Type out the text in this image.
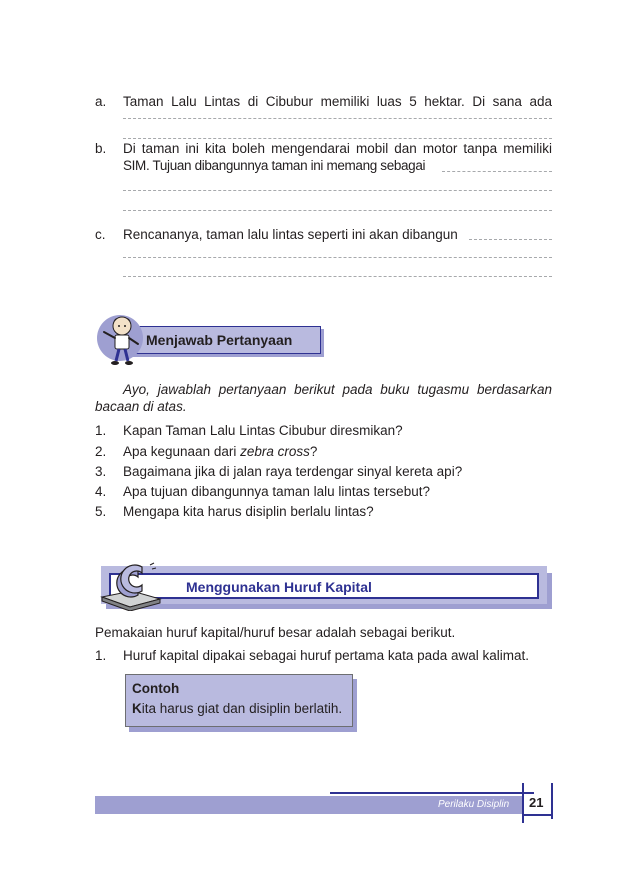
a. Taman Lalu Lintas di Cibubur memiliki luas 5 hektar. Di sana ada
b. Di taman ini kita boleh mengendarai mobil dan motor tanpa memiliki
SIM. Tujuan dibangunnya taman ini memang sebagai
c. Rencananya, taman lalu lintas seperti ini akan dibangun
Menjawab Pertanyaan
Ayo, jawablah pertanyaan berikut pada buku tugasmu berdasarkan
bacaan di atas.
1. Kapan Taman Lalu Lintas Cibubur diresmikan?
2. Apa kegunaan dari zebra cross?
3. Bagaimana jika di jalan raya terdengar sinyal kereta api?
4. Apa tujuan dibangunnya taman lalu lintas tersebut?
5. Mengapa kita harus disiplin berlalu lintas?
Menggunakan Huruf Kapital
Pemakaian huruf kapital/huruf besar adalah sebagai berikut.
1. Huruf kapital dipakai sebagai huruf pertama kata pada awal kalimat.
Contoh
Kita harus giat dan disiplin berlatih.
Perilaku Disiplin 21
